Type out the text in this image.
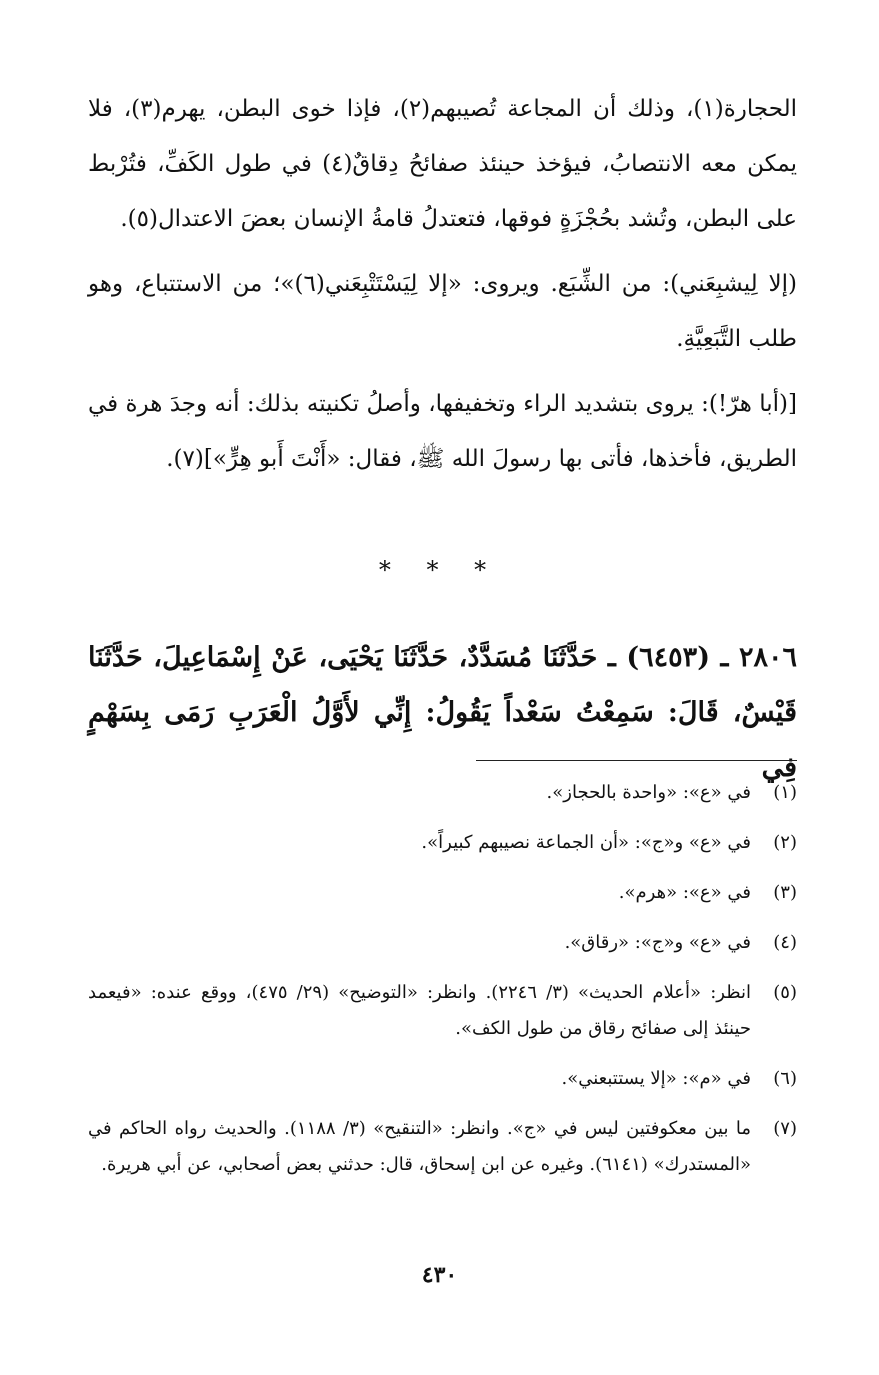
الحجارة(١)، وذلك أن المجاعة تُصيبهم(٢)، فإذا خوى البطن، يهرم(٣)، فلا يمكن معه الانتصابُ، فيؤخذ حينئذ صفائحُ دِقاقٌ(٤) في طول الكَفِّ، فتُرْبط على البطن، وتُشد بحُجْزَةٍ فوقها، فتعتدلُ قامةُ الإنسان بعضَ الاعتدال(٥).

(إلا لِيشبِعَني): من الشِّبَع. ويروى: «إلا لِيَسْتَتْبِعَني(٦)»؛ من الاستتباع، وهو طلب التَّبَعِيَّةِ.

[(أبا هرّ!): يروى بتشديد الراء وتخفيفها، وأصلُ تكنيته بذلك: أنه وجدَ هرة في الطريق، فأخذها، فأتى بها رسولَ الله ﷺ، فقال: «أَنْتَ أَبو هِرٍّ»](٧).

* * *

٢٨٠٦ ـ (٦٤٥٣) ـ حَدَّثَنَا مُسَدَّدٌ، حَدَّثَنَا يَحْيَى، عَنْ إِسْمَاعِيلَ، حَدَّثَنَا قَيْسٌ، قَالَ: سَمِعْتُ سَعْداً يَقُولُ: إِنِّي لأَوَّلُ الْعَرَبِ رَمَى بِسَهْمٍ فِي

(١)
في «ع»: «واحدة بالحجاز».
(٢)
في «ع» و«ج»: «أن الجماعة نصيبهم كبيراً».
(٣)
في «ع»: «هرم».
(٤)
في «ع» و«ج»: «رقاق».
(٥)
انظر: «أعلام الحديث» (٣/ ٢٢٤٦). وانظر: «التوضيح» (٢٩/ ٤٧٥)، ووقع عنده: «فيعمد حينئذ إلى صفائح رقاق من طول الكف».
(٦)
في «م»: «إلا يستتبعني».
(٧)
ما بين معكوفتين ليس في «ج». وانظر: «التنقيح» (٣/ ١١٨٨). والحديث رواه الحاكم في «المستدرك» (٦١٤١). وغيره عن ابن إسحاق، قال: حدثني بعض أصحابي، عن أبي هريرة.
٤٣٠
